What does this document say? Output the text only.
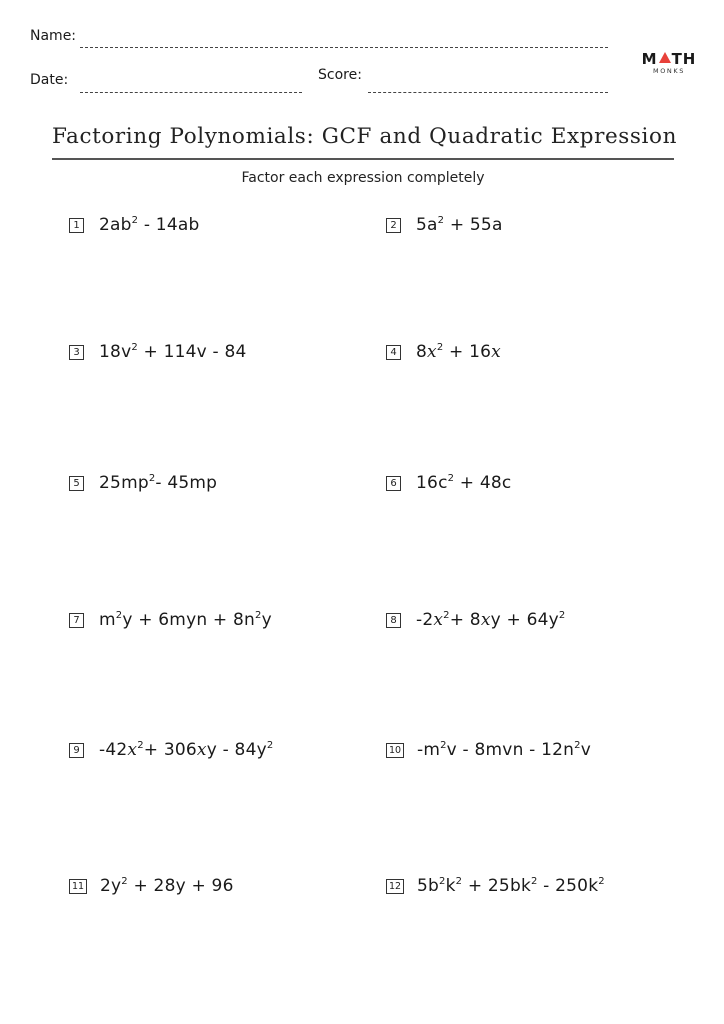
Name:
Date:	Score:
M TH
MONKS
Factoring Polynomials: GCF and Quadratic Expression
Factor each expression completely
1 $2ab^2 - 14ab$	2 $5a^2 + 55a$
3 $18v^2 + 114v - 84$	4 $8x^2 + 16x$
5 $25mp^2-$ 45mp	6 $16c^2 + 48c$
7 $m^2y + 6myn + 8n^2y$	8 $-2x^2+ 8xy + 64y^2$
9 $-42x^2+ 306xy - 84y^2$	10 $-m^2v - 8mvn - 12n^2v$
11 $2y^2 + 28y + 96$	12 $5b^2k^2 + 25bk^2 - 250k^2$
